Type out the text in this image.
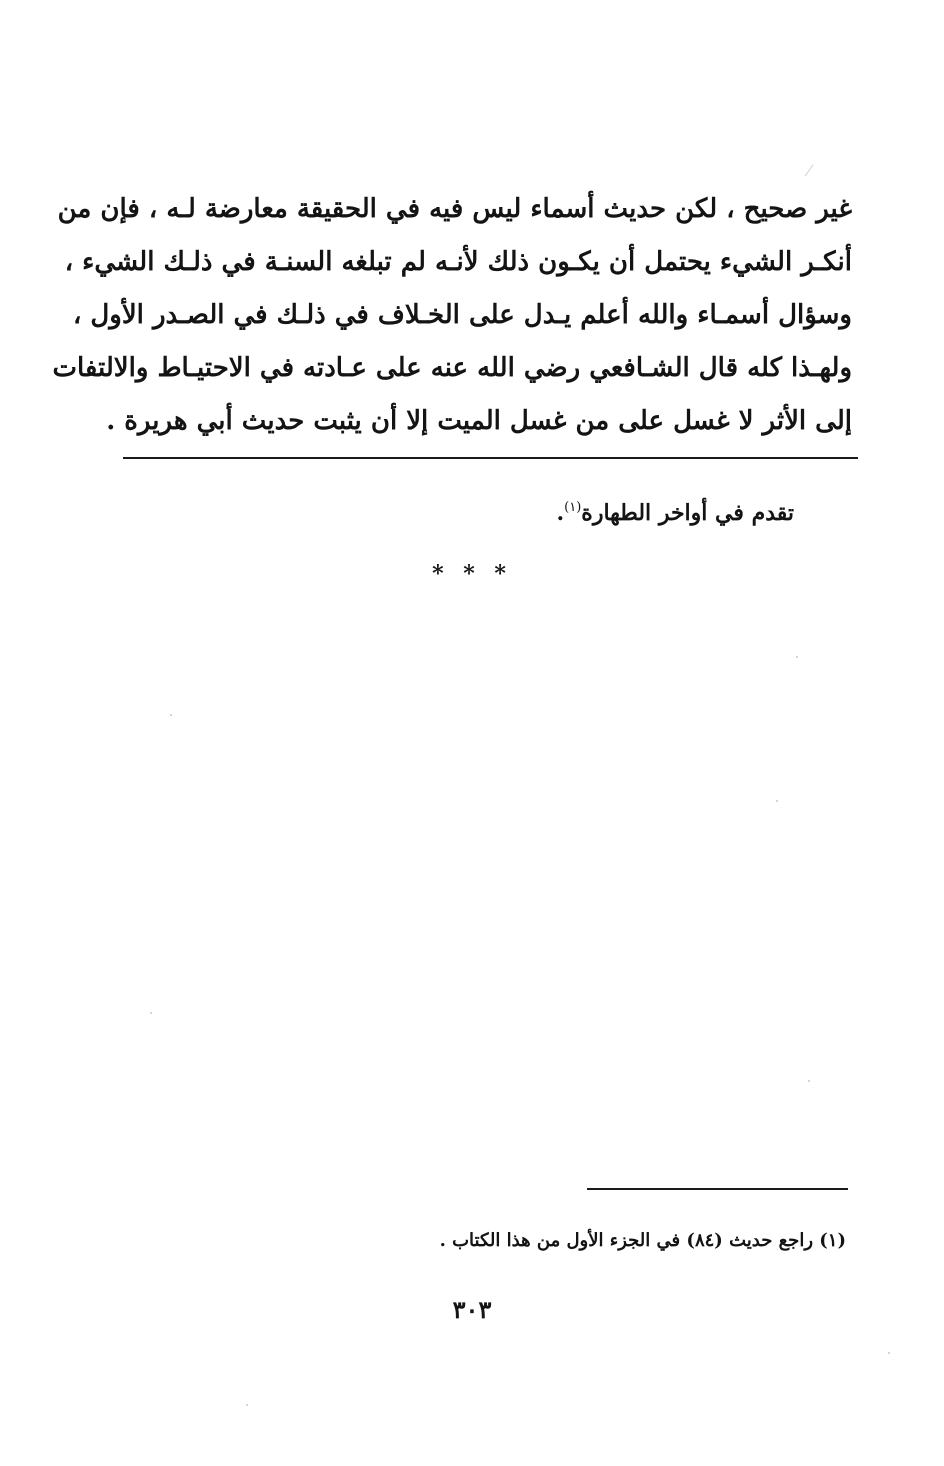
غير صحيح ، لكن حديث أسماء ليس فيه في الحقيقة معارضة لـه ، فإن من
أنكـر الشيء يحتمل أن يكـون ذلك لأنـه لم تبلغه السنـة في ذلـك الشيء ،
وسؤال أسمـاء والله أعلم يـدل على الخـلاف في ذلـك في الصـدر الأول ،
ولهـذا كله قال الشـافعي رضي الله عنه على عـادته في الاحتيـاط والالتفات
إلى الأثر لا غسل على من غسل الميت إلا أن يثبت حديث أبي هريرة .
تقدم في أواخر الطهارة$^{(١)}$.
* * *
(١) راجع حديث (٨٤) في الجزء الأول من هذا الكتاب .
٣٠٣
